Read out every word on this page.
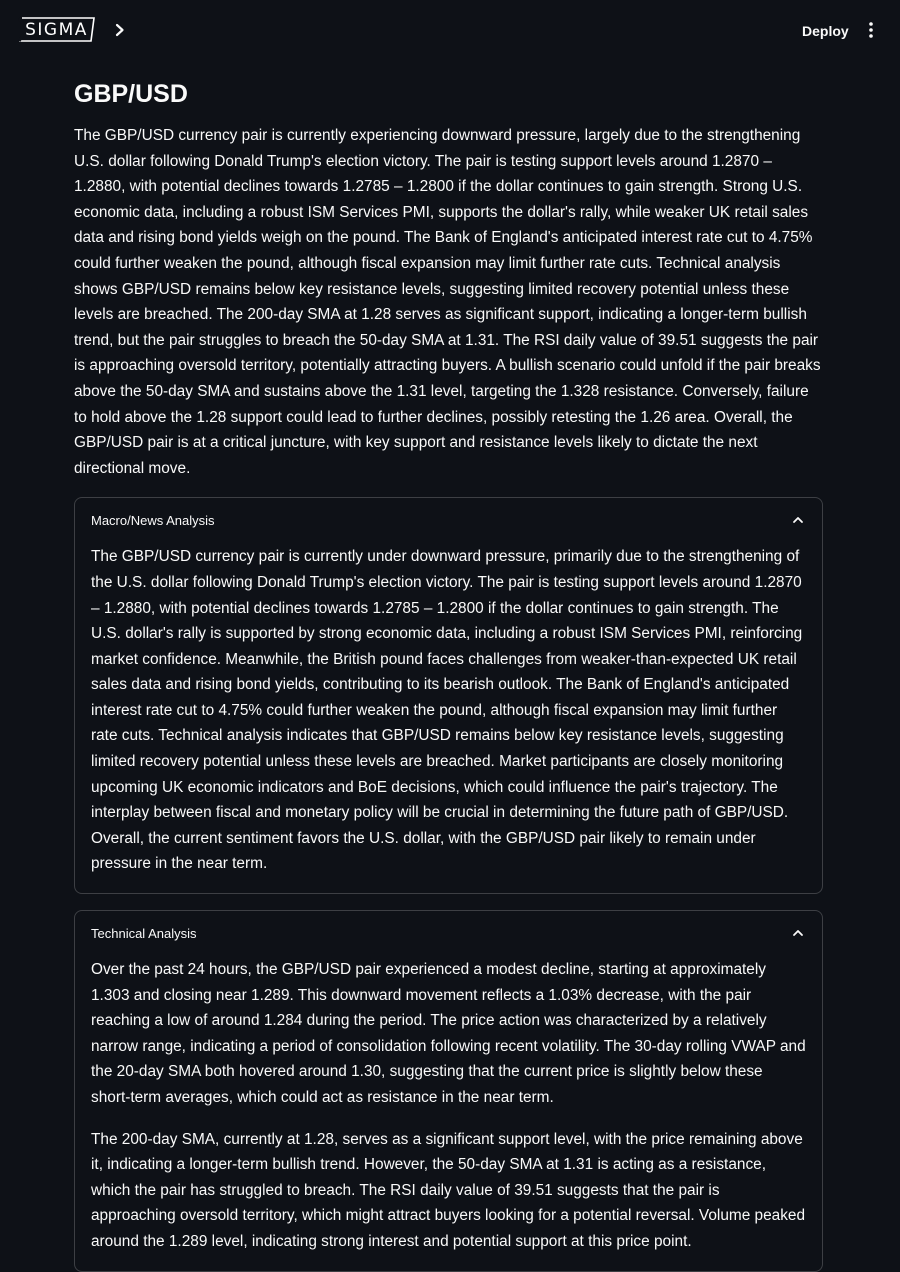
SIGMA	Deploy
GBP/USD

The GBP/USD currency pair is currently experiencing downward pressure, largely due to the strengthening U.S. dollar following Donald Trump's election victory. The pair is testing support levels around 1.2870 – 1.2880, with potential declines towards 1.2785 – 1.2800 if the dollar continues to gain strength. Strong U.S. economic data, including a robust ISM Services PMI, supports the dollar's rally, while weaker UK retail sales data and rising bond yields weigh on the pound. The Bank of England's anticipated interest rate cut to 4.75% could further weaken the pound, although fiscal expansion may limit further rate cuts. Technical analysis shows GBP/USD remains below key resistance levels, suggesting limited recovery potential unless these levels are breached. The 200-day SMA at 1.28 serves as significant support, indicating a longer-term bullish trend, but the pair struggles to breach the 50-day SMA at 1.31. The RSI daily value of 39.51 suggests the pair is approaching oversold territory, potentially attracting buyers. A bullish scenario could unfold if the pair breaks above the 50-day SMA and sustains above the 1.31 level, targeting the 1.328 resistance. Conversely, failure to hold above the 1.28 support could lead to further declines, possibly retesting the 1.26 area. Overall, the GBP/USD pair is at a critical juncture, with key support and resistance levels likely to dictate the next directional move.

Macro/News Analysis

The GBP/USD currency pair is currently under downward pressure, primarily due to the strengthening of the U.S. dollar following Donald Trump's election victory. The pair is testing support levels around 1.2870 – 1.2880, with potential declines towards 1.2785 – 1.2800 if the dollar continues to gain strength. The U.S. dollar's rally is supported by strong economic data, including a robust ISM Services PMI, reinforcing market confidence. Meanwhile, the British pound faces challenges from weaker-than-expected UK retail sales data and rising bond yields, contributing to its bearish outlook. The Bank of England's anticipated interest rate cut to 4.75% could further weaken the pound, although fiscal expansion may limit further rate cuts. Technical analysis indicates that GBP/USD remains below key resistance levels, suggesting limited recovery potential unless these levels are breached. Market participants are closely monitoring upcoming UK economic indicators and BoE decisions, which could influence the pair's trajectory. The interplay between fiscal and monetary policy will be crucial in determining the future path of GBP/USD. Overall, the current sentiment favors the U.S. dollar, with the GBP/USD pair likely to remain under pressure in the near term.

Technical Analysis

Over the past 24 hours, the GBP/USD pair experienced a modest decline, starting at approximately 1.303 and closing near 1.289. This downward movement reflects a 1.03% decrease, with the pair reaching a low of around 1.284 during the period. The price action was characterized by a relatively narrow range, indicating a period of consolidation following recent volatility. The 30-day rolling VWAP and the 20-day SMA both hovered around 1.30, suggesting that the current price is slightly below these short-term averages, which could act as resistance in the near term.

The 200-day SMA, currently at 1.28, serves as a significant support level, with the price remaining above it, indicating a longer-term bullish trend. However, the 50-day SMA at 1.31 is acting as a resistance, which the pair has struggled to breach. The RSI daily value of 39.51 suggests that the pair is approaching oversold territory, which might attract buyers looking for a potential reversal. Volume peaked around the 1.289 level, indicating strong interest and potential support at this price point.
